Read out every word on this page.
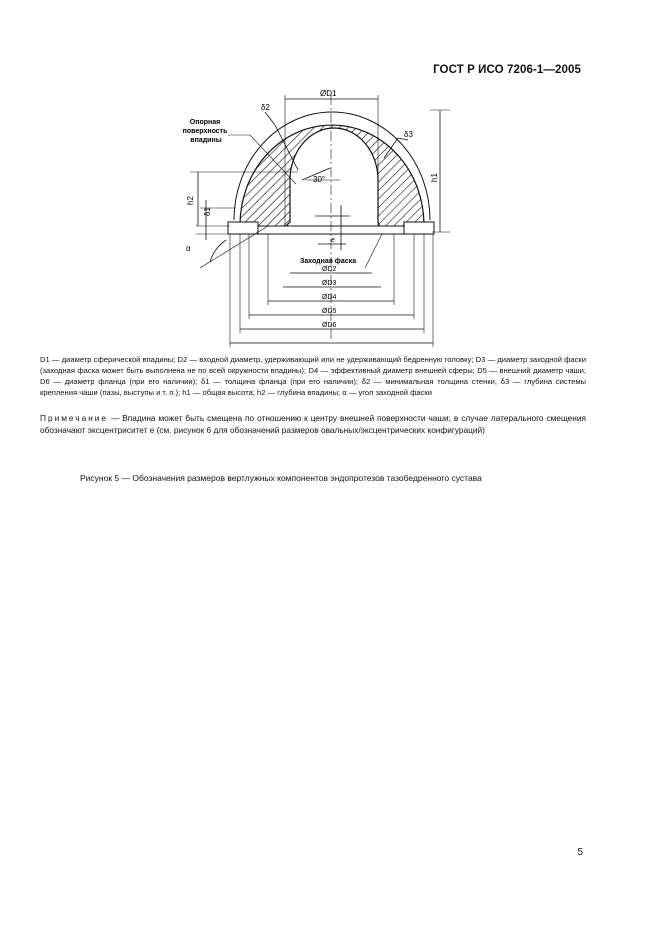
ГОСТ Р ИСО 7206-1—2005
30°
ØD1
δ2
δ3
Опорная поверхность впадины
h1
h2
δ1
α
e
Заходная фаска
ØD2
ØD3
ØD4
ØD5
ØD6
D1 — диаметр сферической впадины; D2 — входной диаметр, удерживающий или не удерживающий бедренную головку; D3 — диаметр заходной фаски (заходная фаска может быть выполнена не по всей окружности впадины); D4 — эффективный диаметр внешней сферы; D5 — внешний диаметр чаши; D6 — диаметр фланца (при его наличии); δ1 — толщина фланца (при его наличии); δ2 — минимальная толщина стенки, δ3 — глубина системы крепления чаши (пазы, выступы и т. п.); h1 — общая высота; h2 — глубина впадины; α — угол заходной фаски
Примечание — Впадина может быть смещена по отношению к центру внешней поверхности чаши; в случае латерального смещения обозначают эксцентриситет e (см. рисунок 6 для обозначений размеров овальных/эксцентрических конфигураций)
Рисунок 5 — Обозначения размеров вертлужных компонентов эндопротезов тазобедренного сустава
5
